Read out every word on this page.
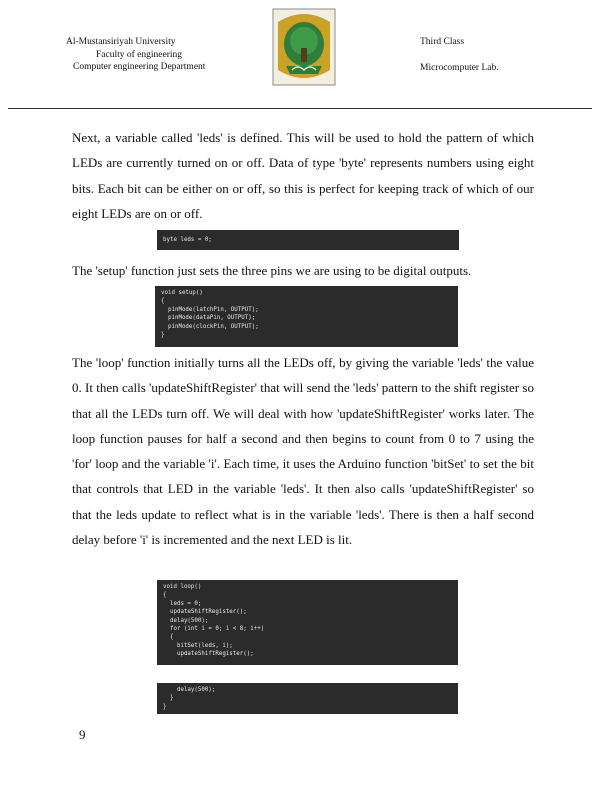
Al-Mustansiriyah University
Faculty of engineering
Computer engineering Department
Third Class
Microcomputer Lab.
Next, a variable called 'leds' is defined. This will be used to hold the pattern of which LEDs are currently turned on or off. Data of type 'byte' represents numbers using eight bits. Each bit can be either on or off, so this is perfect for keeping track of which of our eight LEDs are on or off.
byte leds = 0;
The 'setup' function just sets the three pins we are using to be digital outputs.
void setup()
{
pinMode(latchPin, OUTPUT);
pinMode(dataPin, OUTPUT);
pinMode(clockPin, OUTPUT);
}
The 'loop' function initially turns all the LEDs off, by giving the variable 'leds' the value 0. It then calls 'updateShiftRegister' that will send the 'leds' pattern to the shift register so that all the LEDs turn off. We will deal with how 'updateShiftRegister' works later. The loop function pauses for half a second and then begins to count from 0 to 7 using the 'for' loop and the variable 'i'. Each time, it uses the Arduino function 'bitSet' to set the bit that controls that LED in the variable 'leds'. It then also calls 'updateShiftRegister' so that the leds update to reflect what is in the variable 'leds'. There is then a half second delay before 'i' is incremented and the next LED is lit.
void loop()
{
leds = 0;
updateShiftRegister();
delay(500);
for (int i = 0; i < 8; i++)
{
bitSet(leds, i);
updateShiftRegister();
delay(500);
}
}
9
